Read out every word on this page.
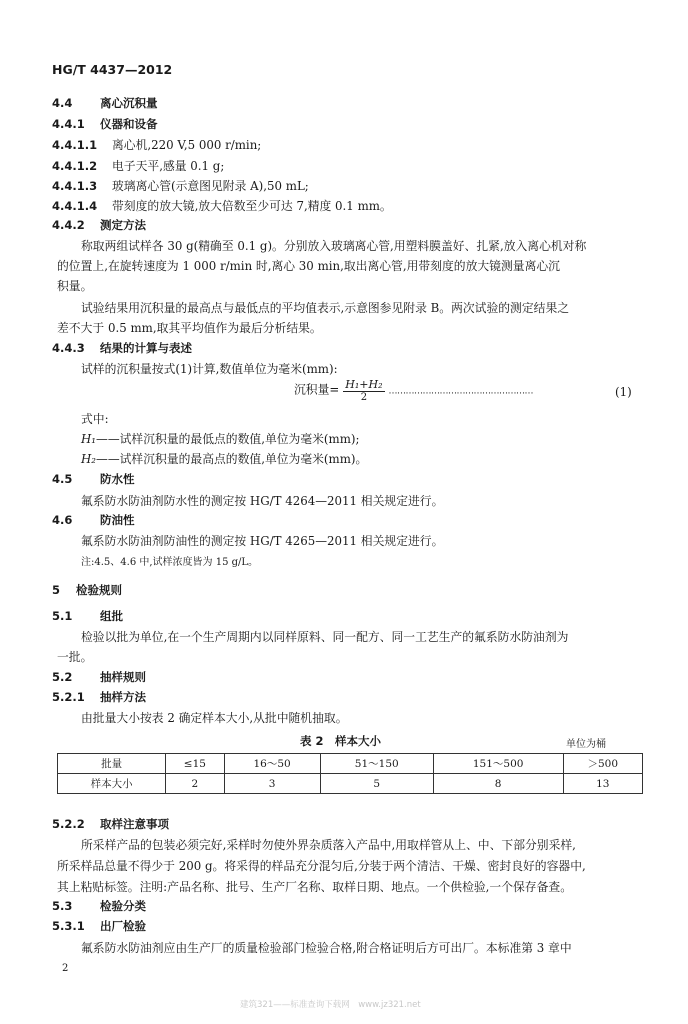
HG/T 4437—2012
4.4 离心沉积量
4.4.1 仪器和设备
4.4.1.1 离心机,220 V,5 000 r/min;
4.4.1.2 电子天平,感量 0.1 g;
4.4.1.3 玻璃离心管(示意图见附录 A),50 mL;
4.4.1.4 带刻度的放大镜,放大倍数至少可达 7,精度 0.1 mm。
4.4.2 测定方法
称取两组试样各 30 g(精确至 0.1 g)。分别放入玻璃离心管,用塑料膜盖好、扎紧,放入离心机对称
的位置上,在旋转速度为 1 000 r/min 时,离心 30 min,取出离心管,用带刻度的放大镜测量离心沉
积量。
试验结果用沉积量的最高点与最低点的平均值表示,示意图参见附录 B。两次试验的测定结果之
差不大于 0.5 mm,取其平均值作为最后分析结果。
4.4.3 结果的计算与表述
试样的沉积量按式(1)计算,数值单位为毫米(mm):
沉积量= $\frac{\text{H₁+H₂}}{2}$ ……………………………………………	(1)
式中:
H₁——试样沉积量的最低点的数值,单位为毫米(mm);
H₂——试样沉积量的最高点的数值,单位为毫米(mm)。
4.5 防水性
氟系防水防油剂防水性的测定按 HG/T 4264—2011 相关规定进行。
4.6 防油性
氟系防水防油剂防油性的测定按 HG/T 4265—2011 相关规定进行。
注:4.5、4.6 中,试样浓度皆为 15 g/L。
5 检验规则
5.1 组批
检验以批为单位,在一个生产周期内以同样原料、同一配方、同一工艺生产的氟系防水防油剂为
一批。
5.2 抽样规则
5.2.1 抽样方法
由批量大小按表 2 确定样本大小,从批中随机抽取。
表 2　样本大小	单位为桶
批量	≤15	16～50	51～150	151～500	＞500
样本大小	2	3	5	8	13
5.2.2 取样注意事项
所采样产品的包装必须完好,采样时勿使外界杂质落入产品中,用取样管从上、中、下部分别采样,
所采样品总量不得少于 200 g。将采得的样品充分混匀后,分装于两个清洁、干燥、密封良好的容器中,
其上粘贴标签。注明:产品名称、批号、生产厂名称、取样日期、地点。一个供检验,一个保存备查。
5.3 检验分类
5.3.1 出厂检验
氟系防水防油剂应由生产厂的质量检验部门检验合格,附合格证明后方可出厂。本标准第 3 章中
2
建筑321——标准查询下载网　www.jz321.net
